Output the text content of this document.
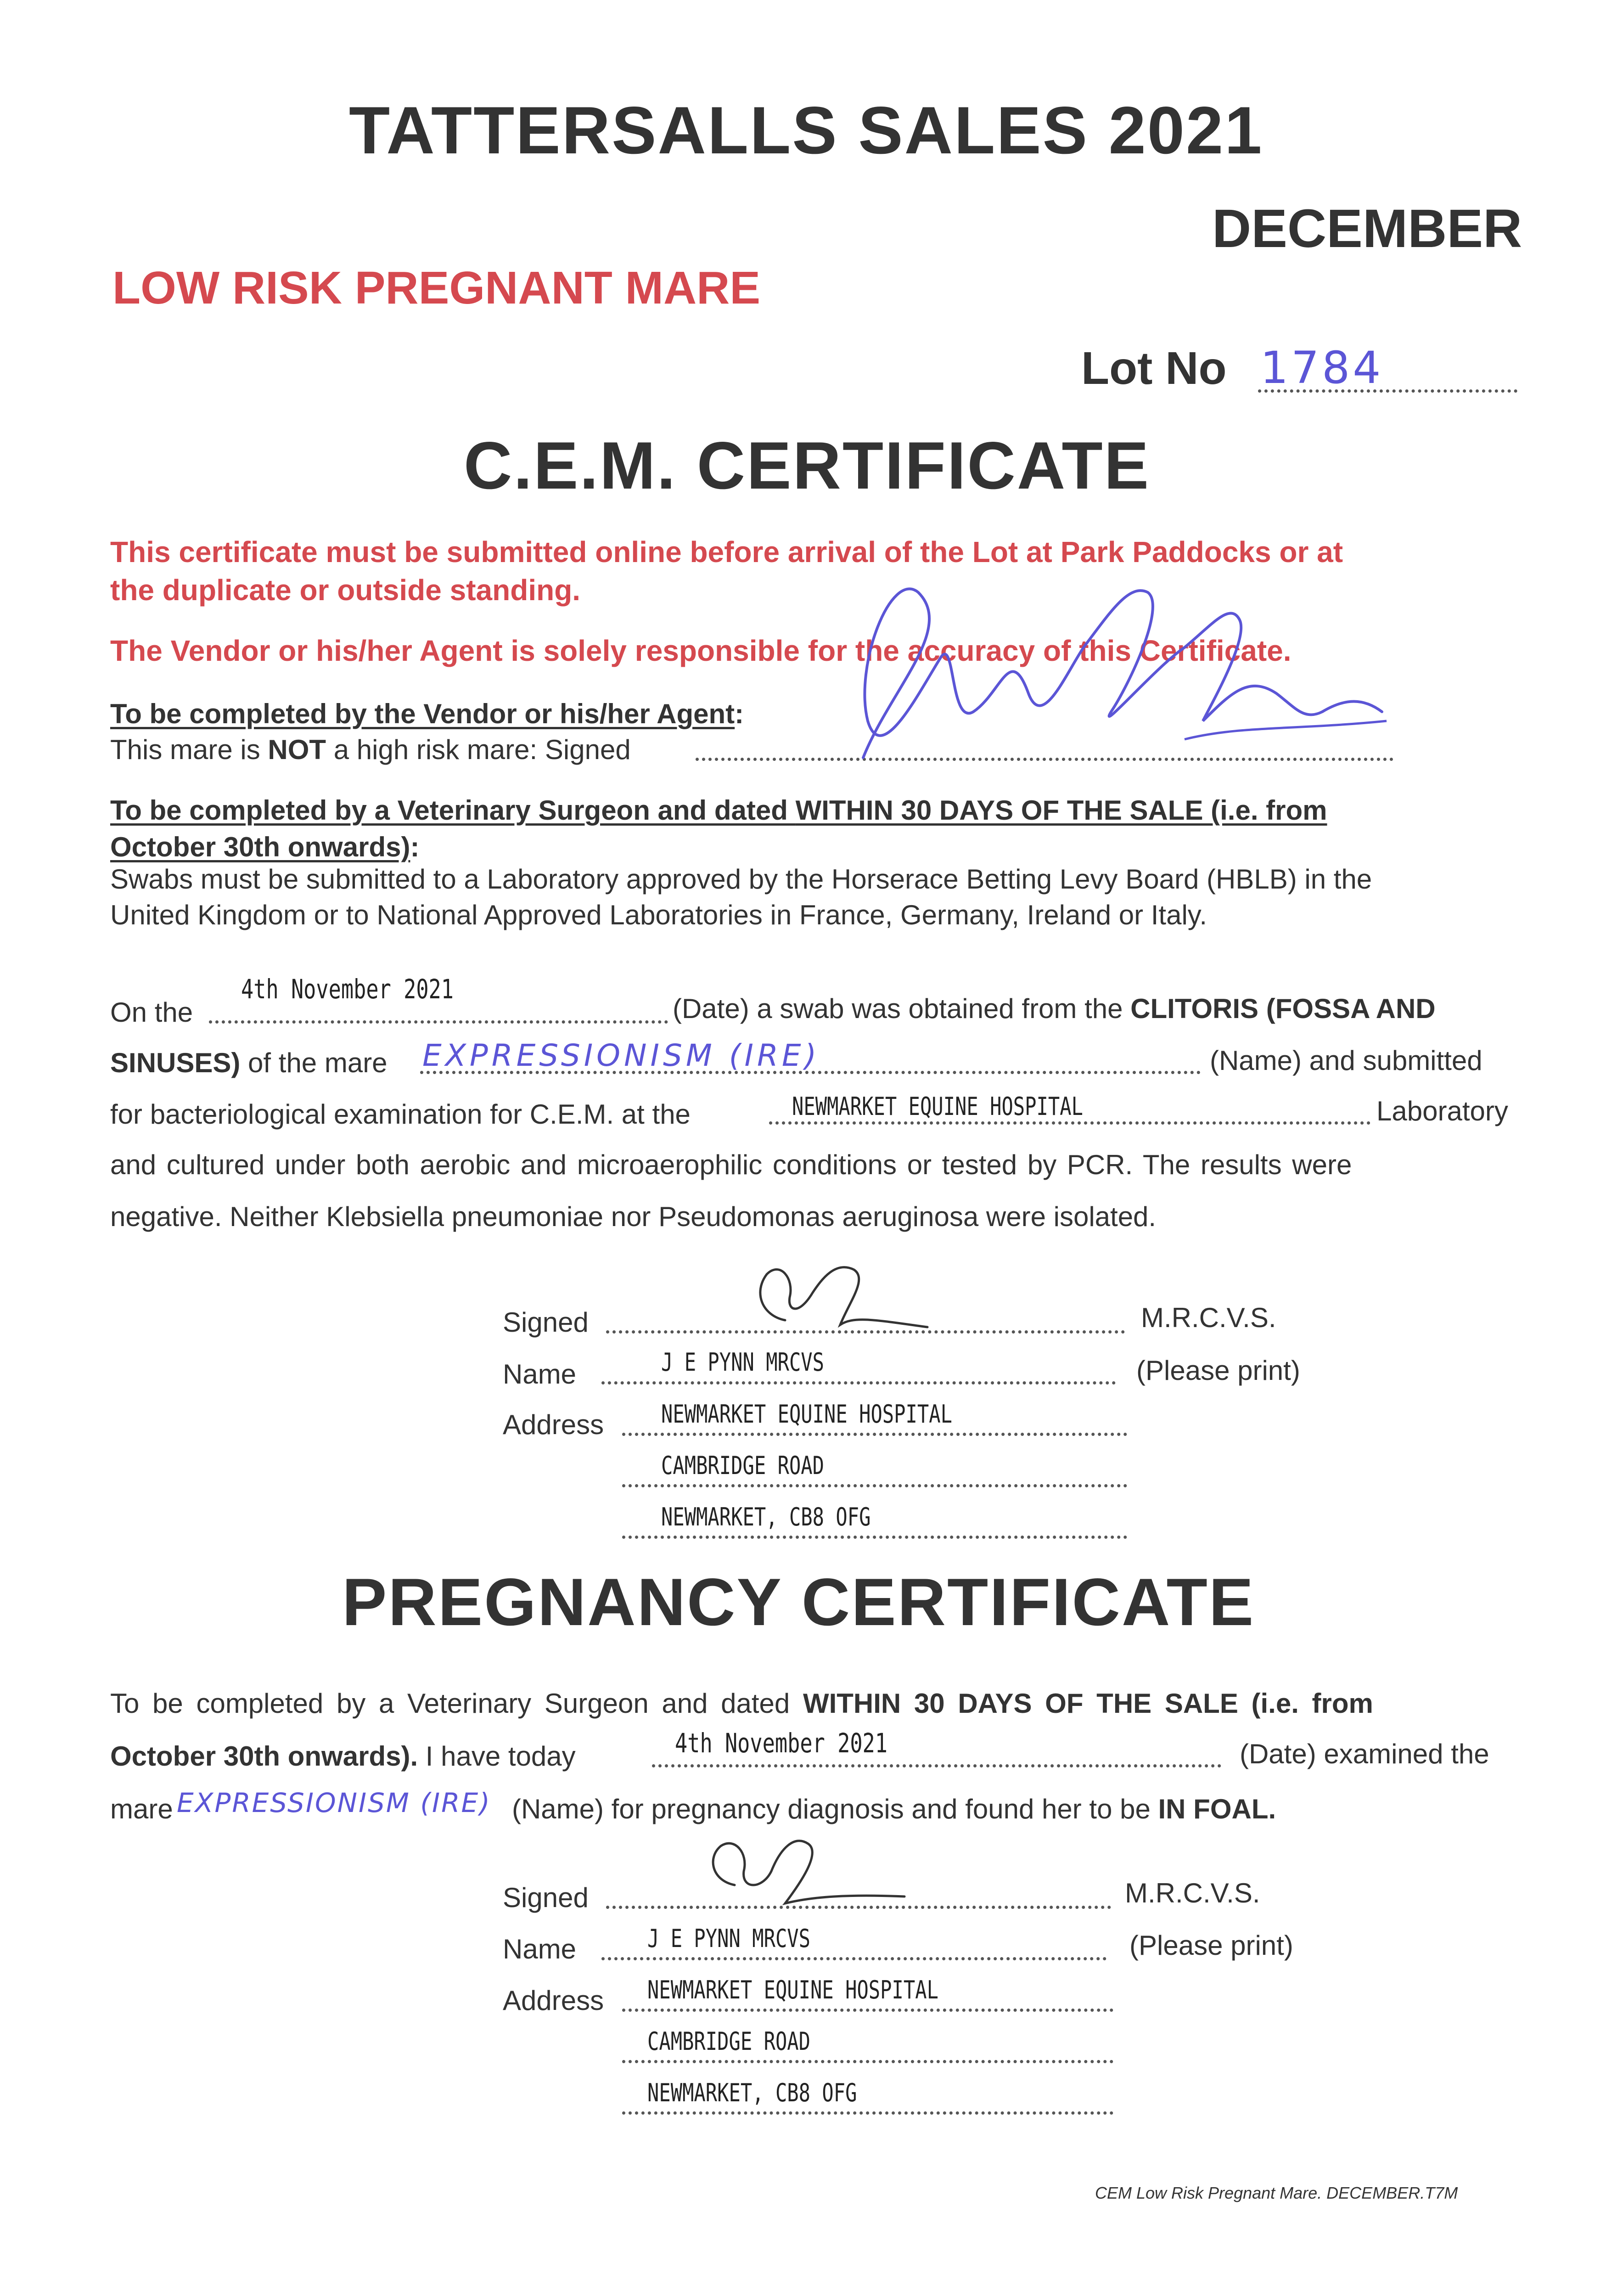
TATTERSALLS SALES 2021
DECEMBER
LOW RISK PREGNANT MARE
Lot No 1784
C.E.M. CERTIFICATE
This certificate must be submitted online before arrival of the Lot at Park Paddocks or at
the duplicate or outside standing.
The Vendor or his/her Agent is solely responsible for the accuracy of this Certificate.
To be completed by the Vendor or his/her Agent:
This mare is NOT a high risk mare: Signed
To be completed by a Veterinary Surgeon and dated WITHIN 30 DAYS OF THE SALE (i.e. from
October 30th onwards):
Swabs must be submitted to a Laboratory approved by the Horserace Betting Levy Board (HBLB) in the
United Kingdom or to National Approved Laboratories in France, Germany, Ireland or Italy.
On the
4th November 2021
(Date) a swab was obtained from the CLITORIS (FOSSA AND
SINUSES) of the mare EXPRESSIONISM (IRE)	(Name) and submitted
for bacteriological examination for C.E.M. at the	NEWMARKET EQUINE HOSPITAL	Laboratory
and cultured under both aerobic and microaerophilic conditions or tested by PCR. The results were
negative. Neither Klebsiella pneumoniae nor Pseudomonas aeruginosa were isolated.
Signed	M.R.C.V.S.
Name	J E PYNN MRCVS	(Please print)
Address NEWMARKET EQUINE HOSPITAL
CAMBRIDGE ROAD
NEWMARKET, CB8 OFG
PREGNANCY CERTIFICATE
To be completed by a Veterinary Surgeon and dated WITHIN 30 DAYS OF THE SALE (i.e. from
October 30th onwards). I have today	4th November 2021	(Date) examined the
mare EXPRESSIONISM (IRE) (Name) for pregnancy diagnosis and found her to be IN FOAL.
Signed	M.R.C.V.S.
Name	J E PYNN MRCVS	(Please print)
Address NEWMARKET EQUINE HOSPITAL
CAMBRIDGE ROAD
NEWMARKET, CB8 OFG
CEM Low Risk Pregnant Mare. DECEMBER.T7M
